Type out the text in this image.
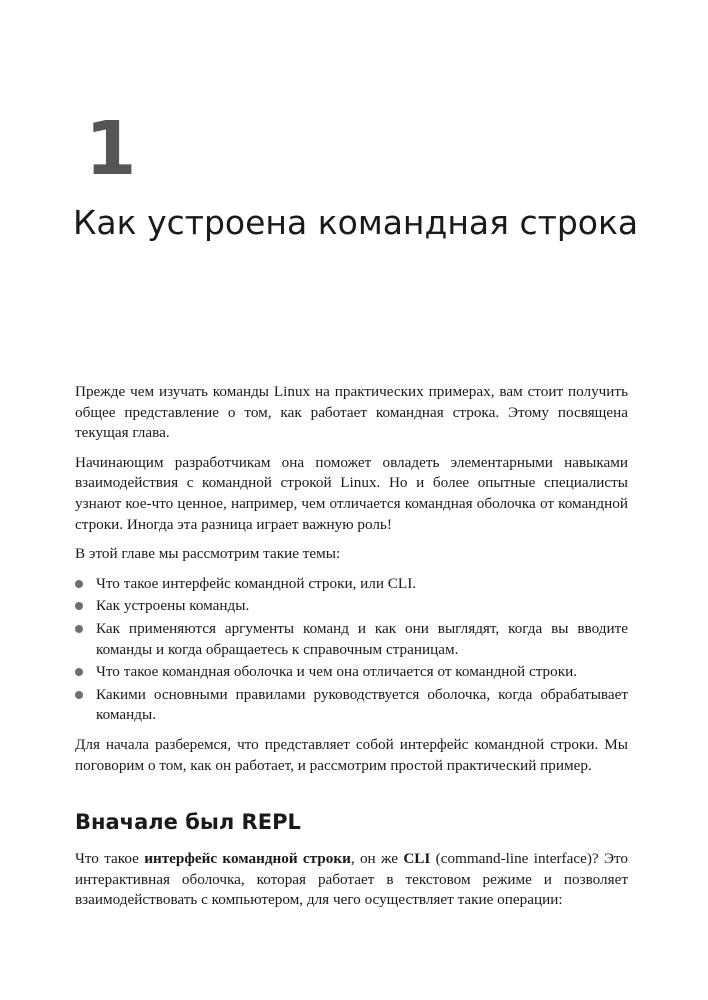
1
Как устроена командная строка

Прежде чем изучать команды Linux на практических примерах, вам стоит получить общее представление о том, как работает командная строка. Этому посвящена текущая глава.

Начинающим разработчикам она поможет овладеть элементарными навыками взаимодействия с командной строкой Linux. Но и более опытные специалисты узнают кое-что ценное, например, чем отличается командная оболочка от командной строки. Иногда эта разница играет важную роль!

В этой главе мы рассмотрим такие темы:

Что такое интерфейс командной строки, или CLI.
Как устроены команды.
Как применяются аргументы команд и как они выглядят, когда вы вводите команды и когда обращаетесь к справочным страницам.
Что такое командная оболочка и чем она отличается от командной строки.
Какими основными правилами руководствуется оболочка, когда обрабатывает команды.

Для начала разберемся, что представляет собой интерфейс командной строки. Мы поговорим о том, как он работает, и рассмотрим простой практический пример.

Вначале был REPL

Что такое интерфейс командной строки, он же CLI (command-line interface)? Это интерактивная оболочка, которая работает в текстовом режиме и позволяет взаимодействовать с компьютером, для чего осуществляет такие операции:
